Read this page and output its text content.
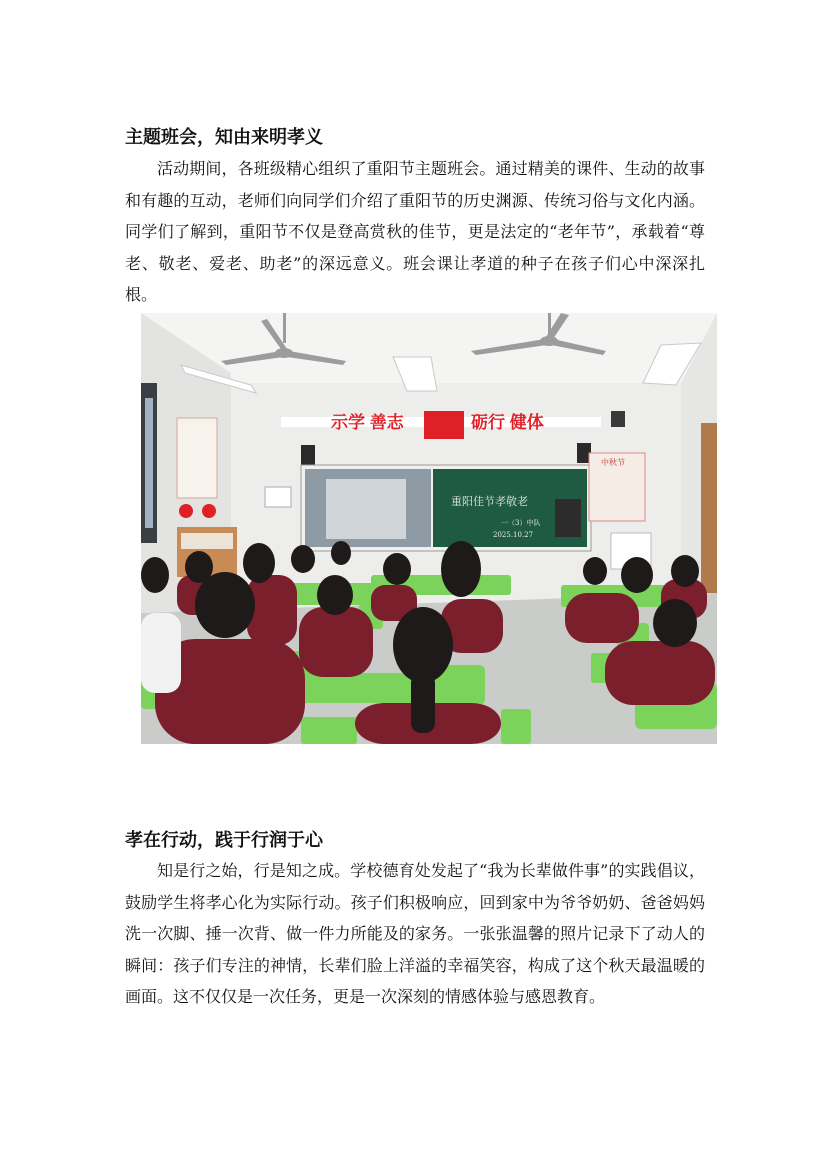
主题班会，知由来明孝义

活动期间，各班级精心组织了重阳节主题班会。通过精美的课件、生动的故事和有趣的互动，老师们向同学们介绍了重阳节的历史渊源、传统习俗与文化内涵。同学们了解到，重阳节不仅是登高赏秋的佳节，更是法定的“老年节”，承载着“尊老、敬老、爱老、助老”的深远意义。班会课让孝道的种子在孩子们心中深深扎根。

示学 善志	砺行 健体
重阳佳节孝敬老
一（3）中队
2025.10.27
中秋节
孝在行动，践于行润于心

知是行之始，行是知之成。学校德育处发起了“我为长辈做件事”的实践倡议，鼓励学生将孝心化为实际行动。孩子们积极响应，回到家中为爷爷奶奶、爸爸妈妈洗一次脚、捶一次背、做一件力所能及的家务。一张张温馨的照片记录下了动人的瞬间：孩子们专注的神情，长辈们脸上洋溢的幸福笑容，构成了这个秋天最温暖的画面。这不仅仅是一次任务，更是一次深刻的情感体验与感恩教育。
